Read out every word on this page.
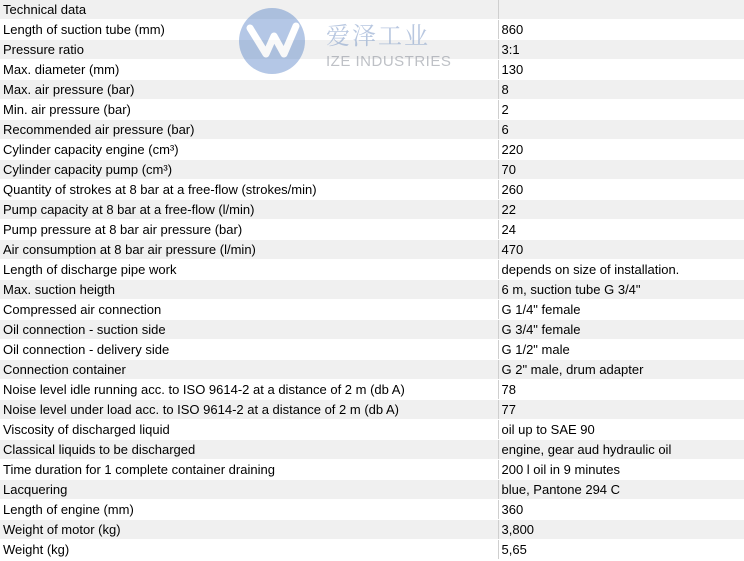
Technical data	
Length of suction tube (mm)	860
Pressure ratio	3:1
Max. diameter (mm)	130
Max. air pressure (bar)	8
Min. air pressure (bar)	2
Recommended air pressure (bar)	6
Cylinder capacity engine (cm³)	220
Cylinder capacity pump (cm³)	70
Quantity of strokes at 8 bar at a free-flow (strokes/min)	260
Pump capacity at 8 bar at a free-flow (l/min)	22
Pump pressure at 8 bar air pressure (bar)	24
Air consumption at 8 bar air pressure (l/min)	470
Length of discharge pipe work	depends on size of installation.
Max. suction heigth	6 m, suction tube G 3/4"
Compressed air connection	G 1/4" female
Oil connection - suction side	G 3/4" female
Oil connection - delivery side	G 1/2" male
Connection container	G 2" male, drum adapter
Noise level idle running acc. to ISO 9614-2 at a distance of 2 m (db A)	78
Noise level under load acc. to ISO 9614-2 at a distance of 2 m (db A)	77
Viscosity of discharged liquid	oil up to SAE 90
Classical liquids to be discharged	engine, gear aud hydraulic oil
Time duration for 1 complete container draining	200 l oil in 9 minutes
Lacquering	blue, Pantone 294 C
Length of engine (mm)	360
Weight of motor (kg)	3,800
Weight (kg)	5,65
爱泽工业
IZE INDUSTRIES
